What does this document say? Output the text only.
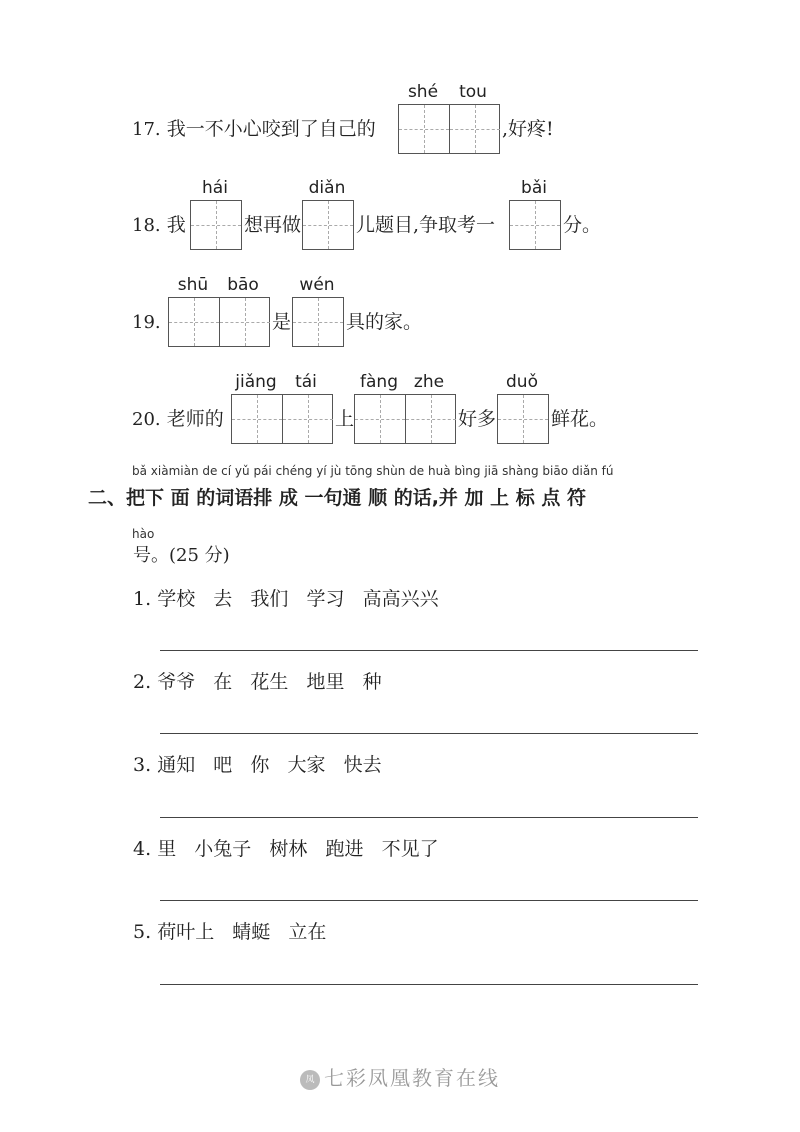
17. 我一不小心咬到了自己的
shé	tou
,好疼!
18. 我
hái
想再做
diǎn
儿题目,争取考一
bǎi
分。
19.
shū	bāo
是
wén
具的家。
20. 老师的
jiǎng	tái
上
fàng zhe
好多
duǒ
鲜花。
bǎ xiàmiàn de cí yǔ pái chéng yí jù tōng shùn de huà bìng jiā shàng biāo diǎn fú
二、把下 面 的词语排 成 一句通 顺 的话,并 加 上 标 点 符
hào
号。(25 分)
1. 学校   去   我们   学习   高高兴兴
2. 爷爷   在   花生   地里   种
3. 通知   吧   你   大家   快去
4. 里   小兔子   树林   跑进   不见了
5. 荷叶上   蜻蜓   立在
凤 七彩凤凰教育在线
